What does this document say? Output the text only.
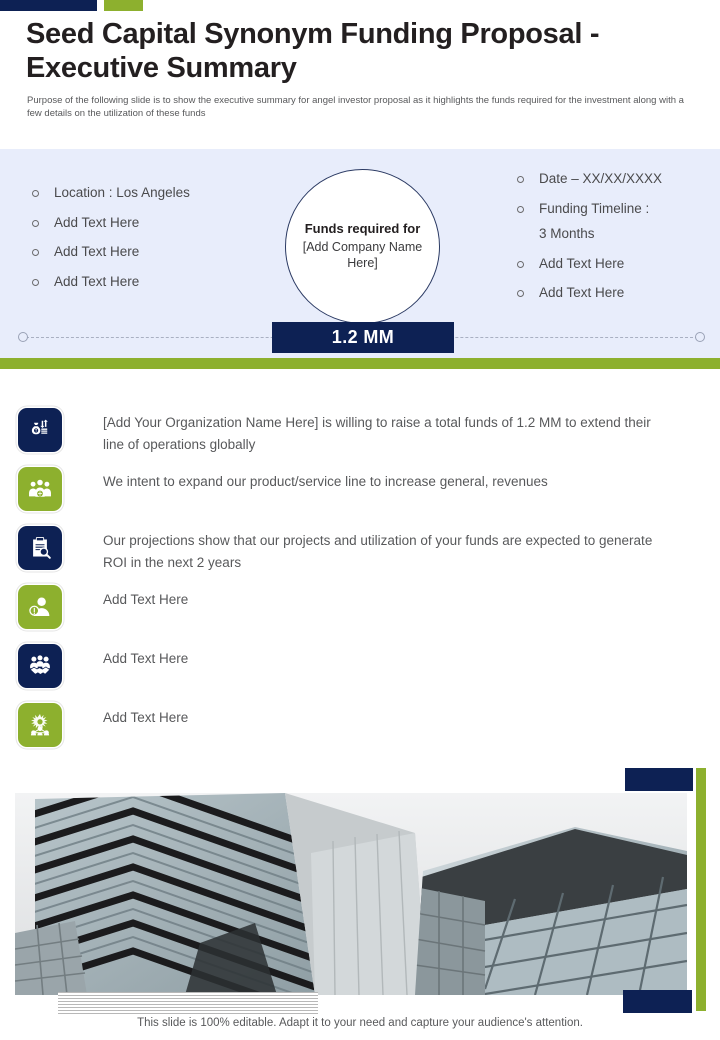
Seed Capital Synonym Funding Proposal - Executive Summary

Purpose of the following slide is to show the executive summary for angel investor proposal as it highlights the funds required for the investment along with a few details on the utilization of these funds

Location : Los Angeles
Add Text Here
Add Text Here
Add Text Here
Date – XX/XX/XXXX
Funding Timeline :
3 Months
Add Text Here
Add Text Here
Funds required for
[Add Company Name Here]
1.2 MM
[Add Your Organization Name Here] is willing to raise a total funds of 1.2 MM to extend their line of operations globally
We intent to expand our product/service line to increase general, revenues
Our projections show that our projects and utilization of your funds are expected to generate ROI in the next 2 years
Add Text Here
Add Text Here
Add Text Here
This slide is 100% editable. Adapt it to your need and capture your audience's attention.
